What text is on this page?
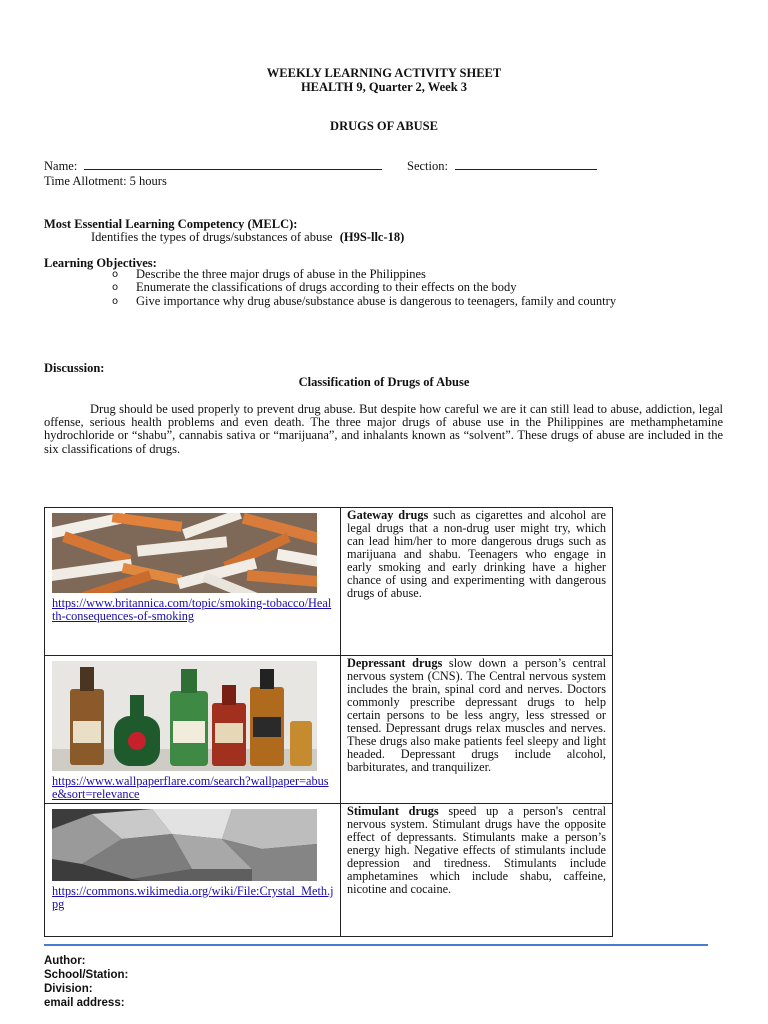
WEEKLY LEARNING ACTIVITY SHEET
HEALTH 9, Quarter 2, Week 3
DRUGS OF ABUSE
Name:	Section:
Time Allotment: 5 hours
Most Essential Learning Competency (MELC):
Identifies the types of drugs/substances of abuse (H9S-llc-18)
Learning Objectives:
o Describe the three major drugs of abuse in the Philippines
o Enumerate the classifications of drugs according to their effects on the body
o Give importance why drug abuse/substance abuse is dangerous to teenagers, family and country
Discussion:
Classification of Drugs of Abuse
Drug should be used properly to prevent drug abuse. But despite how careful we are it can still lead to abuse, addiction, legal offense, serious health problems and even death. The three major drugs of abuse use in the Philippines are methamphetamine hydrochloride or “shabu”, cannabis sativa or “marijuana”, and inhalants known as “solvent”. These drugs of abuse are included in the six classifications of drugs.
https://www.britannica.com/topic/smoking-tobacco/Health-consequences-of-smoking	Gateway drugs such as cigarettes and alcohol are legal drugs that a non-drug user might try, which can lead him/her to more dangerous drugs such as marijuana and shabu. Teenagers who engage in early smoking and early drinking have a higher chance of using and experimenting with dangerous drugs of abuse.

https://www.wallpaperflare.com/search?wallpaper=abuse&sort=relevance	Depressant drugs slow down a person’s central nervous system (CNS). The Central nervous system includes the brain, spinal cord and nerves. Doctors commonly prescribe depressant drugs to help certain persons to be less angry, less stressed or tensed. Depressant drugs relax muscles and nerves. These drugs also make patients feel sleepy and light headed. Depressant drugs include alcohol, barbiturates, and tranquilizer.

https://commons.wikimedia.org/wiki/File:Crystal_Meth.jpg	Stimulant drugs speed up a person's central nervous system. Stimulant drugs have the opposite effect of depressants. Stimulants make a person’s energy high. Negative effects of stimulants include depression and tiredness. Stimulants include amphetamines which include shabu, caffeine, nicotine and cocaine.
Author:
School/Station:
Division:
email address:
